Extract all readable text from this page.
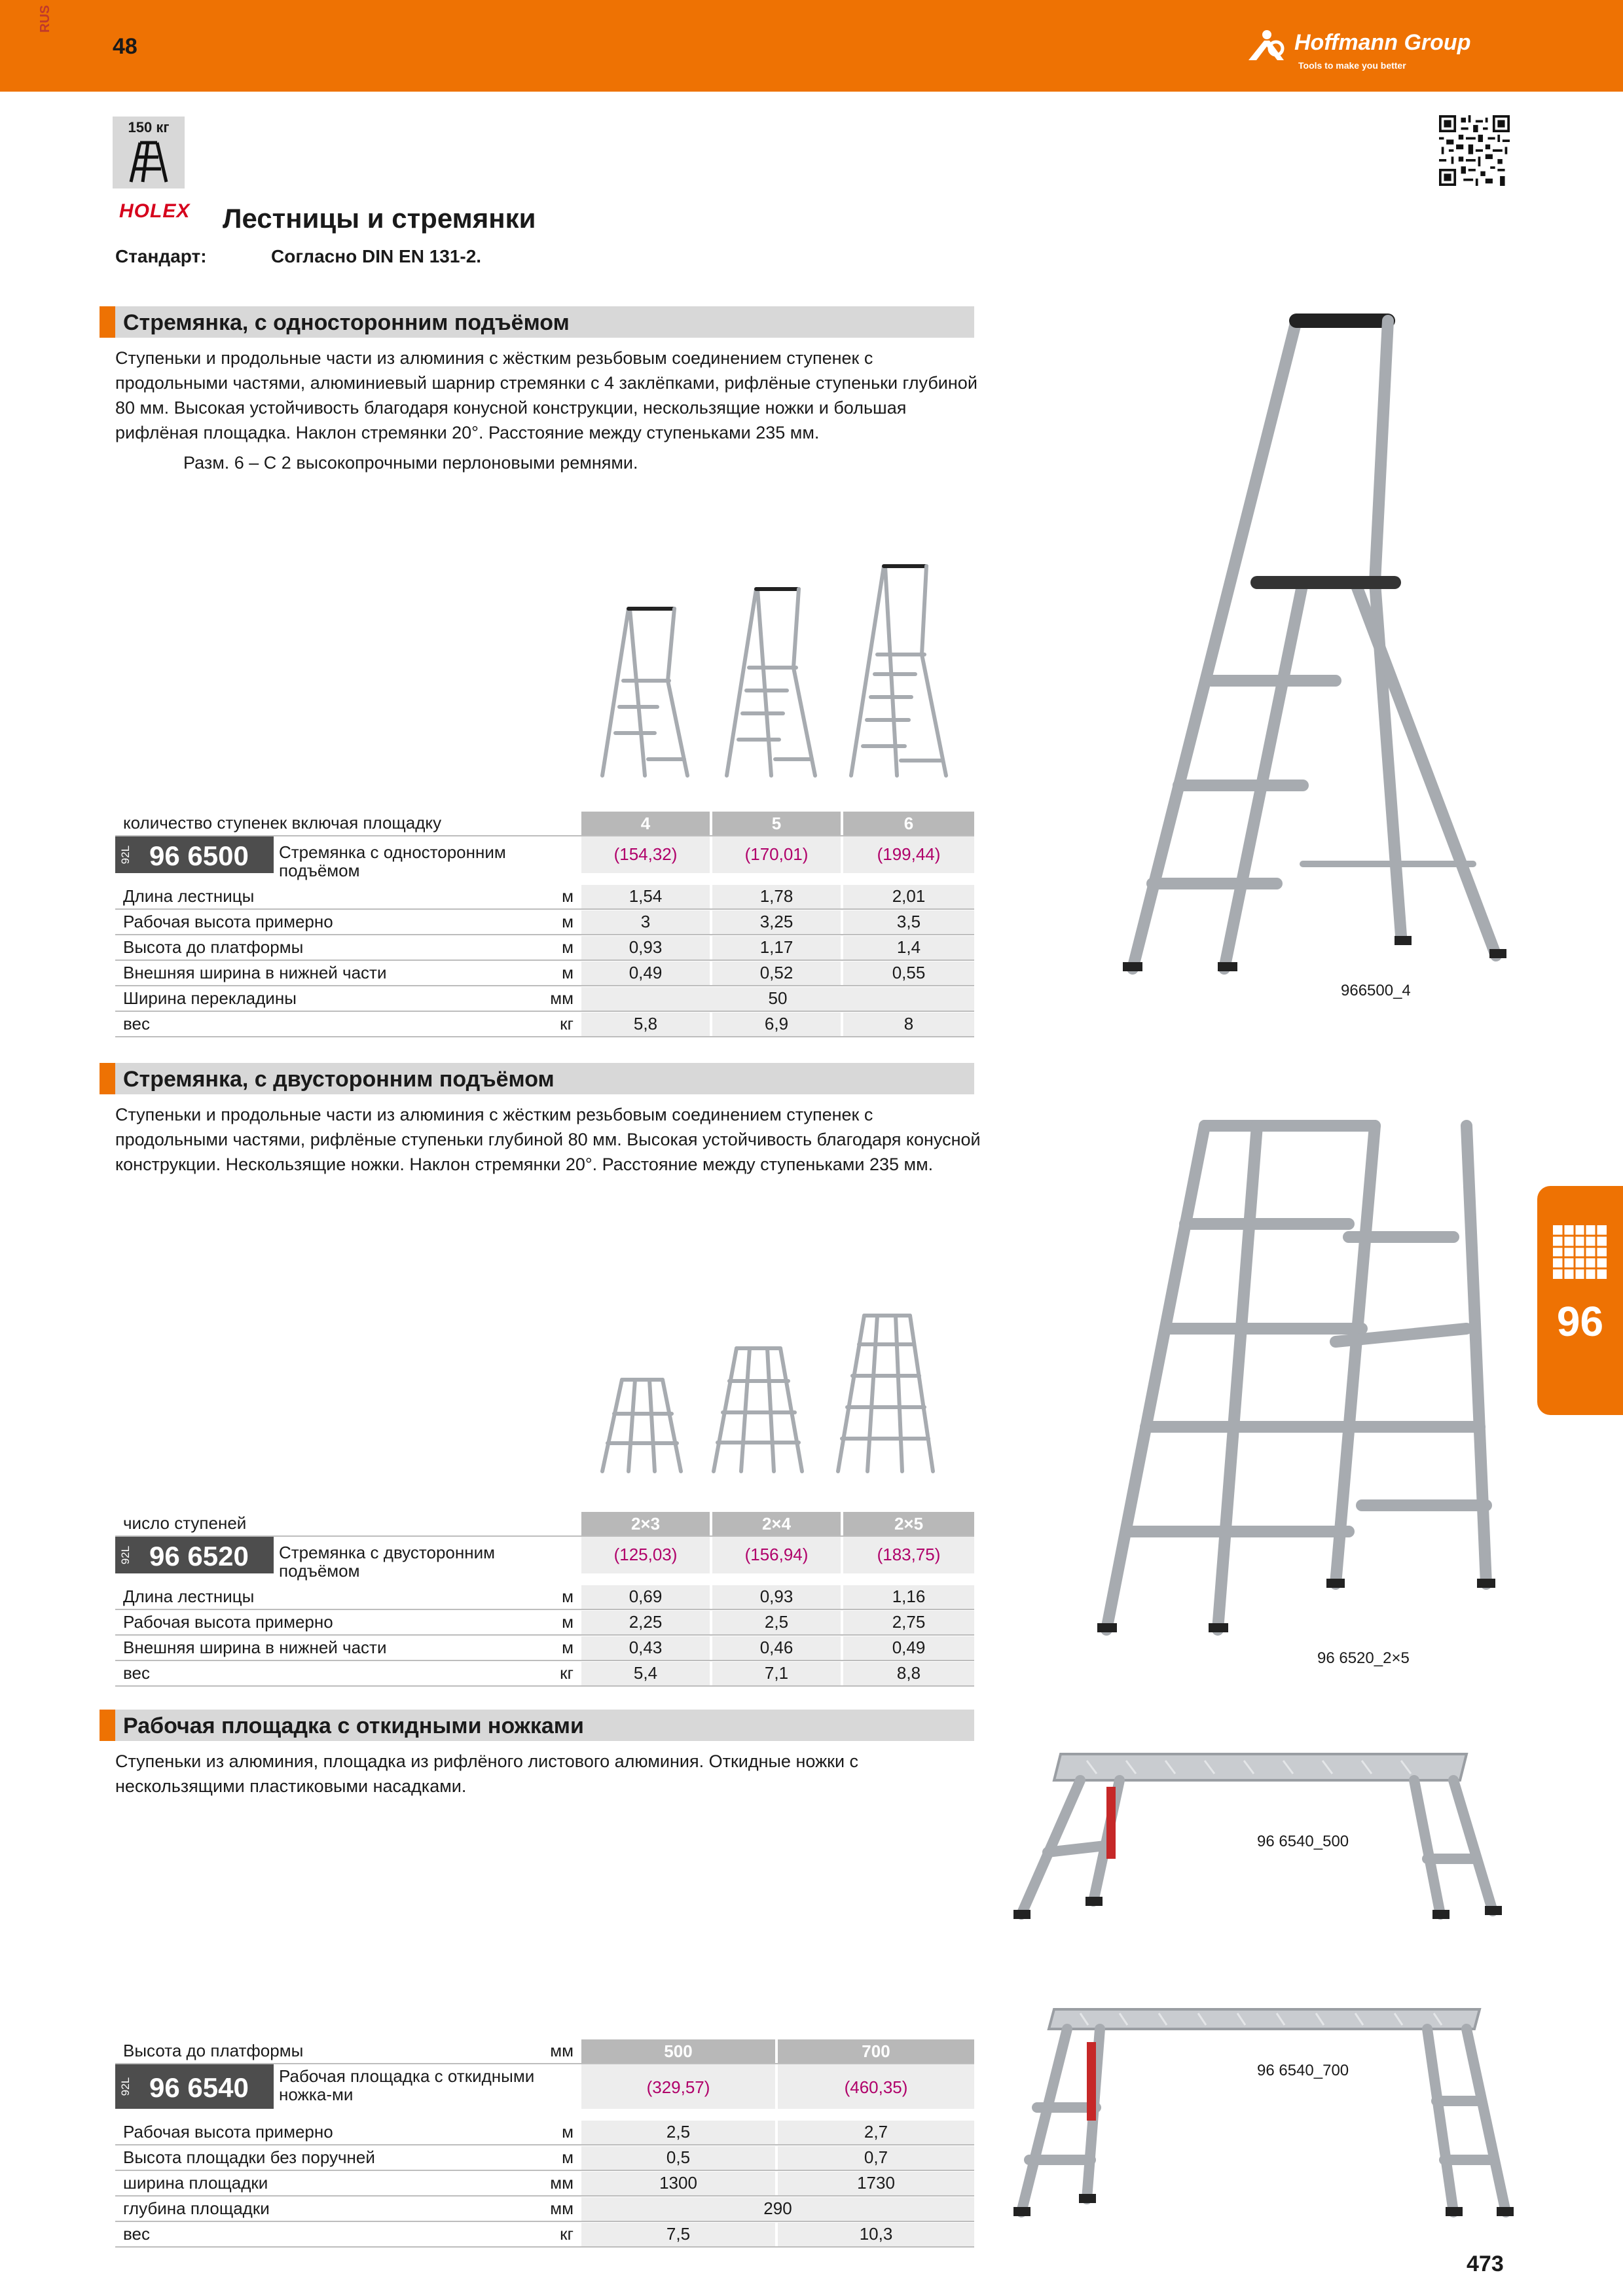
RUS
48	Hoffmann Group
Tools to make you better
150 кг
HOLEX Лестницы и стремянки
Стандарт:	Согласно DIN EN 131-2.
Стремянка, с односторонним подъёмом
Ступеньки и продольные части из алюминия с жёстким резьбовым соединением ступенек с продольными частями, алюминиевый шарнир стремянки с 4 заклёпками, рифлёные ступеньки глубиной 80 мм. Высокая устойчивость благодаря конусной конструкции, нескользящие ножки и большая рифлёная площадка. Наклон стремянки 20°. Расстояние между ступеньками 235 мм.
Разм. 6 – С 2 высокопрочными перлоновыми ремнями.
966500_4
количество ступенек включая площадку	4	5	6
92L 96 6500 Стремянка с односторонним подъёмом
(154,32)	(170,01)	(199,44)
Длина лестницы	м	1,54	1,78	2,01
Рабочая высота примерно	м	3	3,25	3,5
Высота до платформы	м	0,93	1,17	1,4
Внешняя ширина в нижней части	м	0,49	0,52	0,55
Ширина перекладины	мм	50
вес	кг	5,8	6,9	8
Стремянка, с двусторонним подъёмом
Ступеньки и продольные части из алюминия с жёстким резьбовым соединением ступенек с продольными частями, рифлёные ступеньки глубиной 80 мм. Высокая устойчивость благодаря конусной конструкции. Нескользящие ножки. Наклон стремянки 20°. Расстояние между ступеньками 235 мм.
96 6520_2×5
число ступеней	2×3	2×4	2×5
92L 96 6520 Стремянка с двусторонним подъёмом
(125,03)	(156,94)	(183,75)
Длина лестницы	м	0,69	0,93	1,16
Рабочая высота примерно	м	2,25	2,5	2,75
Внешняя ширина в нижней части	м	0,43	0,46	0,49
вес	кг	5,4	7,1	8,8
Рабочая площадка с откидными ножками
Ступеньки из алюминия, площадка из рифлёного листового алюминия. Откидные ножки с нескользящими пластиковыми насадками.
96 6540_500
96 6540_700
Высота до платформы	мм	500	700
92L 96 6540 Рабочая площадка с откидными ножка-ми	(329,57)	(460,35)
Рабочая высота примерно	м	2,5	2,7
Высота площадки без поручней	м	0,5	0,7
ширина площадки	мм	1300	1730
глубина площадки	мм	290
вес	кг	7,5	10,3
96
473
